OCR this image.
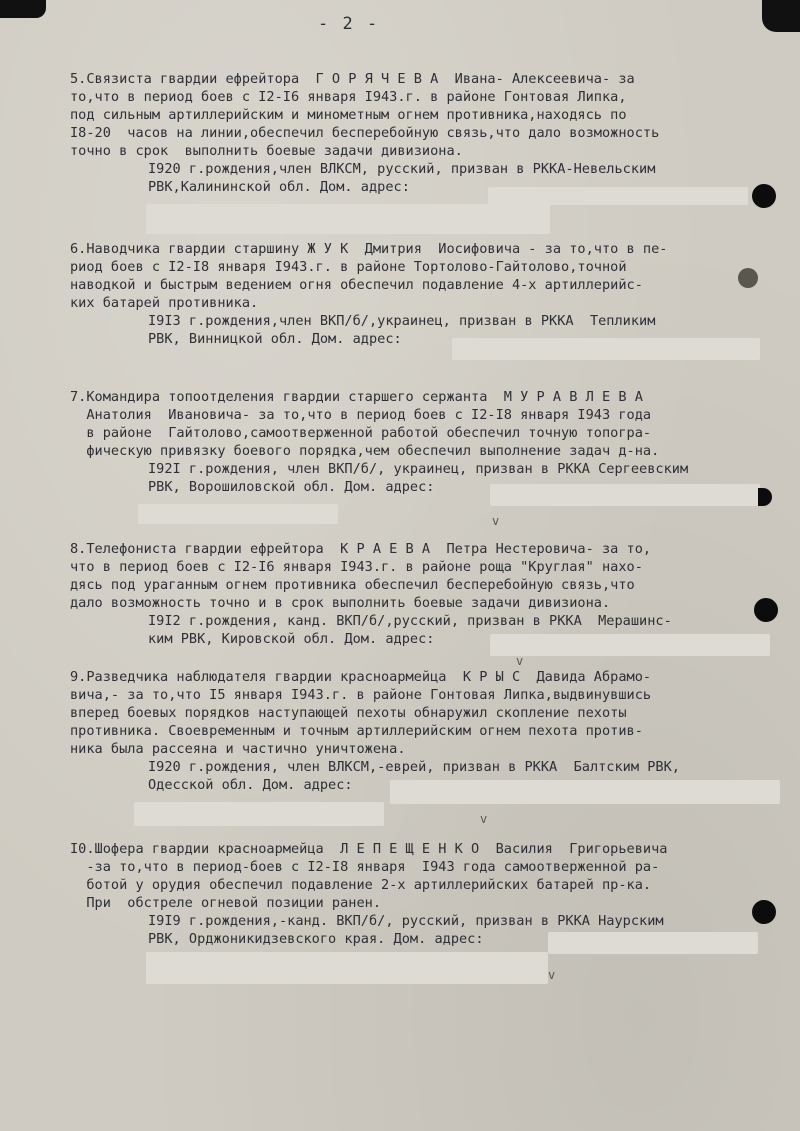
- 2 -
5.Связиста гвардии ефрейтора  Г О Р Я Ч Е В А  Ивана- Алексеевича- за
то,что в период боев с I2-I6 января I943.г. в районе Гонтовая Липка,
под сильным артиллерийским и минометным огнем противника,находясь по
I8-20  часов на линии,обеспечил бесперебойную связь,что дало возможность
точно в срок  выполнить боевые задачи дивизиона.
I920 г.рождения,член ВЛКСМ, русский, призван в РККА-Невельским
РВК,Калининской обл. Дом. адрес:
6.Наводчика гвардии старшину Ж У К  Дмитрия  Иосифовича - за то,что в пе-
риод боев с I2-I8 января I943.г. в районе Тортолово-Гайтолово,точной
наводкой и быстрым ведением огня обеспечил подавление 4-х артиллерийс-
ких батарей противника.
I9I3 г.рождения,член ВКП/б/,украинец, призван в РККА  Тепликим
РВК, Винницкой обл. Дом. адрес:
7.Командира топоотделения гвардии старшего сержанта  М У Р А В Л Е В А
Анатолия  Ивановича- за то,что в период боев с I2-I8 января I943 года
в районе  Гайтолово,самоотверженной работой обеспечил точную топогра-
фическую привязку боевого порядка,чем обеспечил выполнение задач д-на.
I92I г.рождения, член ВКП/б/, украинец, призван в РККА Сергеевским
РВК, Ворошиловской обл. Дом. адрес:
v
8.Телефониста гвардии ефрейтора  К Р А Е В А  Петра Нестеровича- за то,
что в период боев с I2-I6 января I943.г. в районе роща "Круглая" нахо-
дясь под ураганным огнем противника обеспечил бесперебойную связь,что
дало возможность точно и в срок выполнить боевые задачи дивизиона.
I9I2 г.рождения, канд. ВКП/б/,русский, призван в РККА  Мерашинс-
ким РВК, Кировской обл. Дом. адрес:
v
9.Разведчика наблюдателя гвардии красноармейца  К Р Ы С  Давида Абрамо-
вича,- за то,что I5 января I943.г. в районе Гонтовая Липка,выдвинувшись
вперед боевых порядков наступающей пехоты обнаружил скопление пехоты
противника. Своевременным и точным артиллерийским огнем пехота против-
ника была рассеяна и частично уничтожена.
I920 г.рождения, член ВЛКСМ,-еврей, призван в РККА  Балтским РВК,
Одесской обл. Дом. адрес:
v
I0.Шофера гвардии красноармейца  Л Е П Е Щ Е Н К О  Василия  Григорьевича
-за то,что в период-боев с I2-I8 января  I943 года самоотверженной ра-
ботой у орудия обеспечил подавление 2-х артиллерийских батарей пр-ка.
При  обстреле огневой позиции ранен.
I9I9 г.рождения,-канд. ВКП/б/, русский, призван в РККА Наурским
РВК, Орджоникидзевского края. Дом. адрес:
v
